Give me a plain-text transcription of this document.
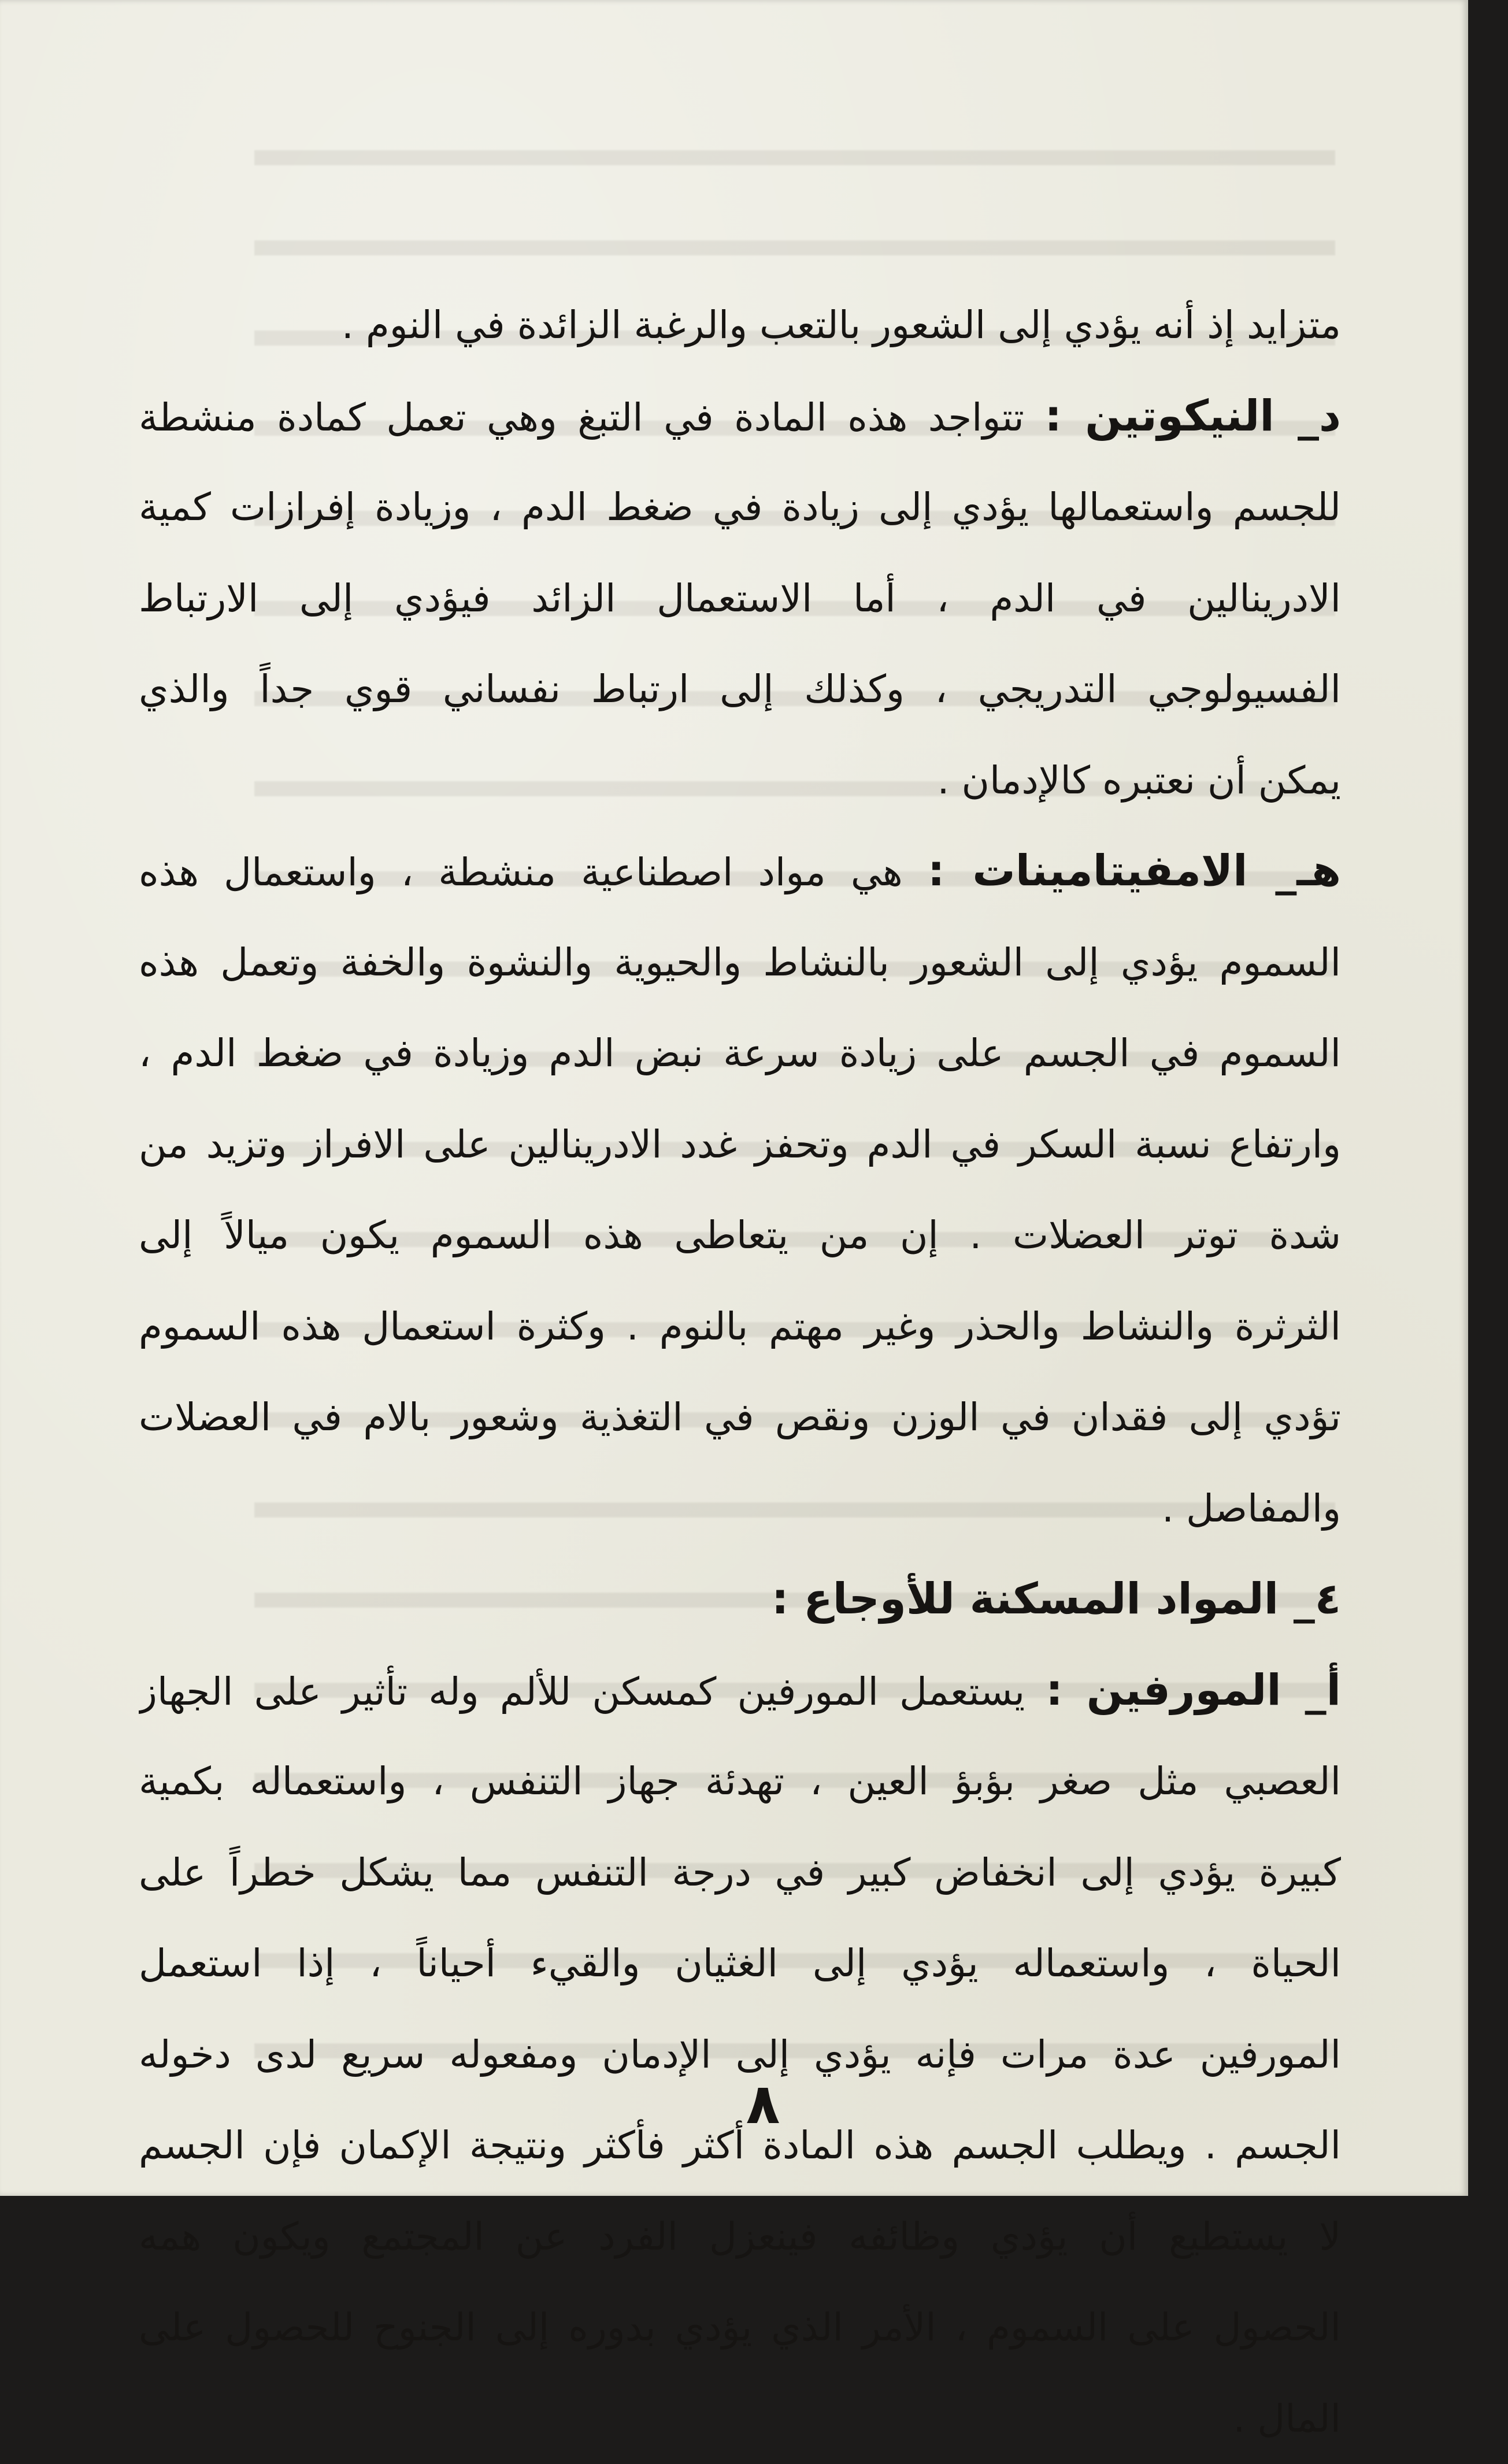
متزايد إذ أنه يؤدي إلى الشعور بالتعب والرغبة الزائدة في النوم .

د_ النيكوتين : تتواجد هذه المادة في التبغ وهي تعمل كمادة منشطة

للجسم واستعمالها يؤدي إلى زيادة في ضغط الدم ، وزيادة إفرازات كمية

الادرينالين في الدم ، أما الاستعمال الزائد فيؤدي إلى الارتباط

الفسيولوجي التدريجي ، وكذلك إلى ارتباط نفساني قوي جداً والذي

يمكن أن نعتبره كالإدمان .

هـ_ الامفيتامينات : هي مواد اصطناعية منشطة ، واستعمال هذه

السموم يؤدي إلى الشعور بالنشاط والحيوية والنشوة والخفة وتعمل هذه

السموم في الجسم على زيادة سرعة نبض الدم وزيادة في ضغط الدم ،

وارتفاع نسبة السكر في الدم وتحفز غدد الادرينالين على الافراز وتزيد من

شدة توتر العضلات . إن من يتعاطى هذه السموم يكون ميالاً إلى

الثرثرة والنشاط والحذر وغير مهتم بالنوم . وكثرة استعمال هذه السموم

تؤدي إلى فقدان في الوزن ونقص في التغذية وشعور بالام في العضلات

والمفاصل .

٤_ المواد المسكنة للأوجاع :

أ_ المورفين : يستعمل المورفين كمسكن للألم وله تأثير على الجهاز

العصبي مثل صغر بؤبؤ العين ، تهدئة جهاز التنفس ، واستعماله بكمية

كبيرة يؤدي إلى انخفاض كبير في درجة التنفس مما يشكل خطراً على

الحياة ، واستعماله يؤدي إلى الغثيان والقيء أحياناً ، إذا استعمل

المورفين عدة مرات فإنه يؤدي إلى الإدمان ومفعوله سريع لدى دخوله

الجسم . ويطلب الجسم هذه المادة أكثر فأكثر ونتيجة الإكمان فإن الجسم

لا يستطيع أن يؤدي وظائفه فينعزل الفرد عن المجتمع ويكون همه

الحصول على السموم ، الأمر الذي يؤدي بدوره إلى الجنوح للحصول على

المال .

٨
